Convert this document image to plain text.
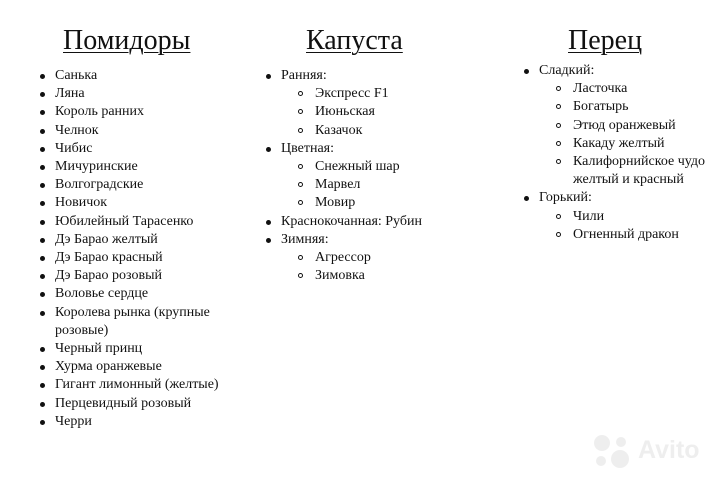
Помидоры
Санька
Ляна
Король ранних
Челнок
Чибис
Мичуринские
Волгоградские
Новичок
Юбилейный Тарасенко
Дэ Барао желтый
Дэ Барао красный
Дэ Барао розовый
Воловье сердце
Королева рынка (крупные розовые)
Черный принц
Хурма оранжевые
Гигант лимонный (желтые)
Перцевидный розовый
Черри
Капуста
Ранняя:
Экспресс F1
Июньская
Казачок
Цветная:
Снежный шар
Марвел
Мовир
Краснокочанная: Рубин
Зимняя:
Агрессор
Зимовка
Перец
Сладкий:
Ласточка
Богатырь
Этюд оранжевый
Какаду желтый
Калифорнийское чудо желтый и красный
Горький:
Чили
Огненный дракон
Avito
